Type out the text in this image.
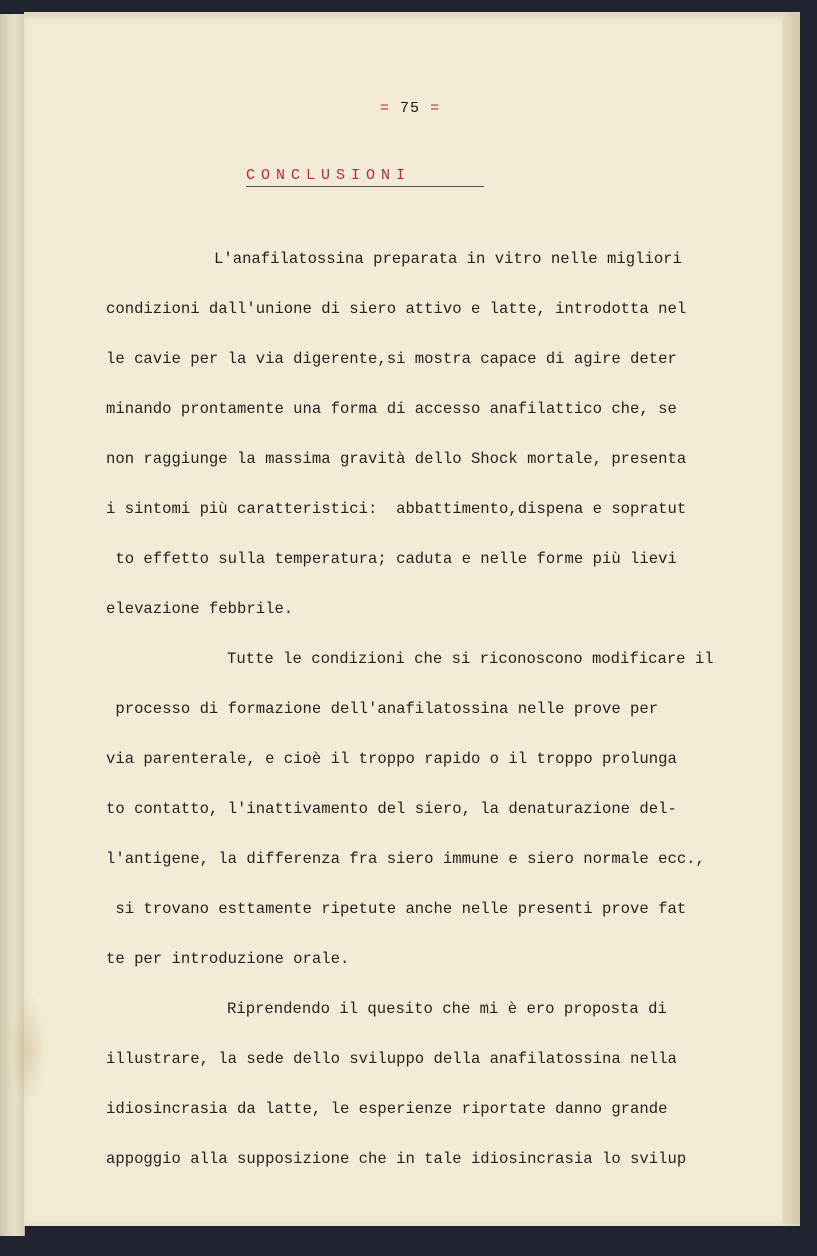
= 75 =
CONCLUSIONI
L'anafilatossina preparata in vitro nelle migliori
condizioni dall'unione di siero attivo e latte, introdotta nel
le cavie per la via digerente,si mostra capace di agire deter
minando prontamente una forma di accesso anafilattico che, se
non raggiunge la massima gravità dello Shock mortale, presenta
i sintomi più caratteristici:  abbattimento,dispena e sopratut
to effetto sulla temperatura; caduta e nelle forme più lievi
elevazione febbrile.
Tutte le condizioni che si riconoscono modificare il
processo di formazione dell'anafilatossina nelle prove per
via parenterale, e cioè il troppo rapido o il troppo prolunga
to contatto, l'inattivamento del siero, la denaturazione del-
l'antigene, la differenza fra siero immune e siero normale ecc.,
si trovano esttamente ripetute anche nelle presenti prove fat
te per introduzione orale.
Riprendendo il quesito che mi è ero proposta di
illustrare, la sede dello sviluppo della anafilatossina nella
idiosincrasia da latte, le esperienze riportate danno grande
appoggio alla supposizione che in tale idiosincrasia lo svilup
